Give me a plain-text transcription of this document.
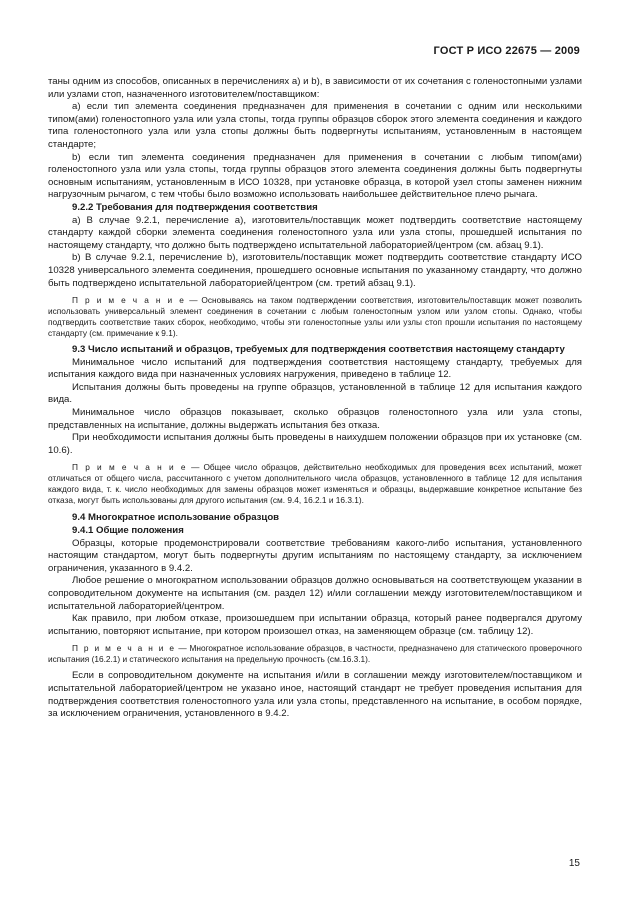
ГОСТ Р ИСО 22675 — 2009

таны одним из способов, описанных в перечислениях а) и b), в зависимости от их сочетания с голеностопными узлами или узлами стоп, назначенного изготовителем/поставщиком:

a) если тип элемента соединения предназначен для применения в сочетании с одним или несколькими типом(ами) голеностопного узла или узла стопы, тогда группы образцов сборок этого элемента соединения и каждого типа голеностопного узла или узла стопы должны быть подвергнуты испытаниям, установленным в настоящем стандарте;

b) если тип элемента соединения предназначен для применения в сочетании с любым типом(ами) голеностопного узла или узла стопы, тогда группы образцов этого элемента соединения должны быть подвергнуты основным испытаниям, установленным в ИСО 10328, при установке образца, в которой узел стопы заменен нижним нагрузочным рычагом, с тем чтобы было возможно использовать наибольшее действительное плечо рычага.

9.2.2 Требования для подтверждения соответствия

a) В случае 9.2.1, перечисление а), изготовитель/поставщик может подтвердить соответствие настоящему стандарту каждой сборки элемента соединения голеностопного узла или узла стопы, прошедшей испытания по настоящему стандарту, что должно быть подтверждено испытательной лабораторией/центром (см. абзац 9.1).

b) В случае 9.2.1, перечисление b), изготовитель/поставщик может подтвердить соответствие стандарту ИСО 10328 универсального элемента соединения, прошедшего основные испытания по указанному стандарту, что должно быть подтверждено испытательной лабораторией/центром (см. третий абзац 9.1).

П р и м е ч а н и е — Основываясь на таком подтверждении соответствия, изготовитель/поставщик может позволить использовать универсальный элемент соединения в сочетании с любым голеностопным узлом или узлом стопы. Однако, чтобы подтвердить соответствие таких сборок, необходимо, чтобы эти голеностопные узлы или узлы стоп прошли испытания по настоящему стандарту (см. примечание к 9.1).

9.3 Число испытаний и образцов, требуемых для подтверждения соответствия настоящему стандарту

Минимальное число испытаний для подтверждения соответствия настоящему стандарту, требуемых для испытания каждого вида при назначенных условиях нагружения, приведено в таблице 12.

Испытания должны быть проведены на группе образцов, установленной в таблице 12 для испытания каждого вида.

Минимальное число образцов показывает, сколько образцов голеностопного узла или узла стопы, представленных на испытание, должны выдержать испытания без отказа.

При необходимости испытания должны быть проведены в наихудшем положении образцов при их установке (см. 10.6).

П р и м е ч а н и е — Общее число образцов, действительно необходимых для проведения всех испытаний, может отличаться от общего числа, рассчитанного с учетом дополнительного числа образцов, установленного в таблице 12 для испытания каждого вида, т. к. число необходимых для замены образцов может изменяться и образцы, выдержавшие конкретное испытание без отказа, могут быть использованы для другого испытания (см. 9.4, 16.2.1 и 16.3.1).

9.4 Многократное использование образцов

9.4.1 Общие положения

Образцы, которые продемонстрировали соответствие требованиям какого-либо испытания, установленного настоящим стандартом, могут быть подвергнуты другим испытаниям по настоящему стандарту, за исключением ограничения, указанного в 9.4.2.

Любое решение о многократном использовании образцов должно основываться на соответствующем указании в сопроводительном документе на испытания (см. раздел 12) и/или соглашении между изготовителем/поставщиком и испытательной лабораторией/центром.

Как правило, при любом отказе, произошедшем при испытании образца, который ранее подвергался другому испытанию, повторяют испытание, при котором произошел отказ, на заменяющем образце (см. таблицу 12).

П р и м е ч а н и е — Многократное использование образцов, в частности, предназначено для статического проверочного испытания (16.2.1) и статического испытания на предельную прочность (см.16.3.1).

Если в сопроводительном документе на испытания и/или в соглашении между изготовителем/поставщиком и испытательной лабораторией/центром не указано иное, настоящий стандарт не требует проведения испытания для подтверждения соответствия голеностопного узла или узла стопы, представленного на испытание, в особом порядке, за исключением ограничения, установленного в 9.4.2.

15
